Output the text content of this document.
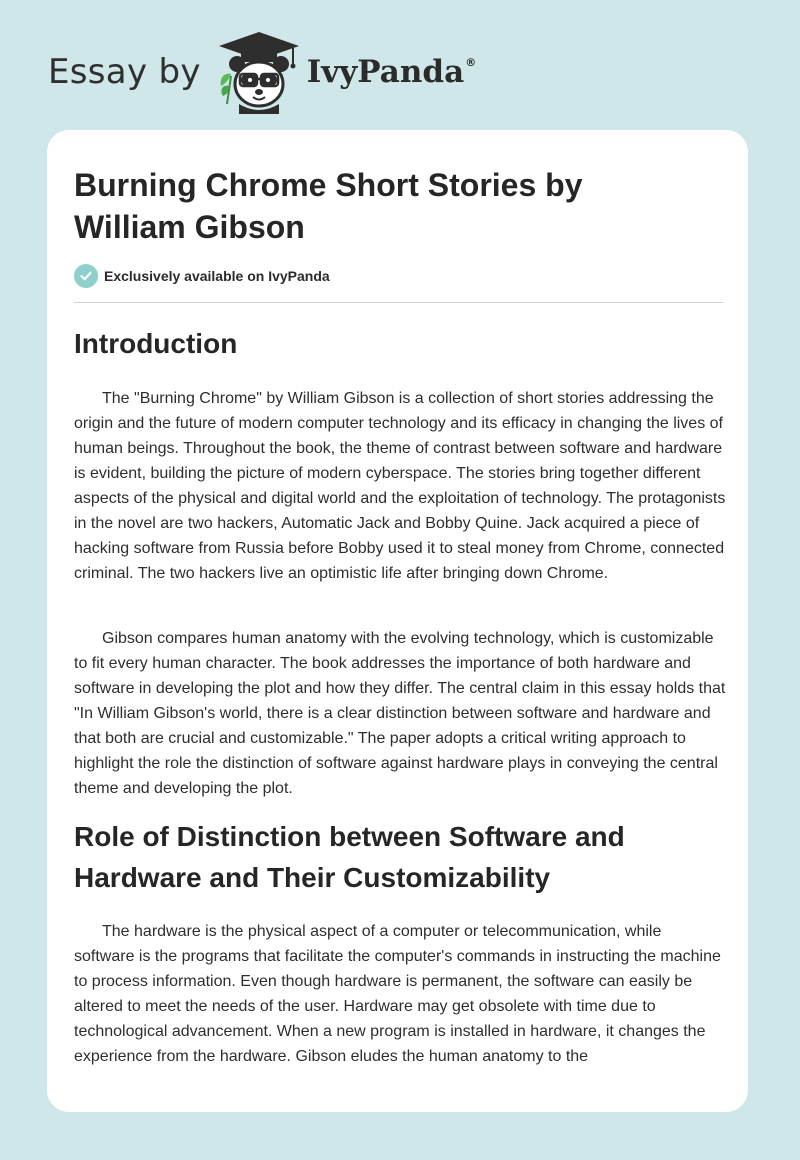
Essay by	IvyPanda®
Burning Chrome Short Stories by William Gibson
Exclusively available on IvyPanda
Introduction

The "Burning Chrome" by William Gibson is a collection of short stories addressing the origin and the future of modern computer technology and its efficacy in changing the lives of human beings. Throughout the book, the theme of contrast between software and hardware is evident, building the picture of modern cyberspace. The stories bring together different aspects of the physical and digital world and the exploitation of technology. The protagonists in the novel are two hackers, Automatic Jack and Bobby Quine. Jack acquired a piece of hacking software from Russia before Bobby used it to steal money from Chrome, connected criminal. The two hackers live an optimistic life after bringing down Chrome.

Gibson compares human anatomy with the evolving technology, which is customizable to fit every human character. The book addresses the importance of both hardware and software in developing the plot and how they differ. The central claim in this essay holds that "In William Gibson's world, there is a clear distinction between software and hardware and that both are crucial and customizable." The paper adopts a critical writing approach to highlight the role the distinction of software against hardware plays in conveying the central theme and developing the plot.

Role of Distinction between Software and Hardware and Their Customizability

The hardware is the physical aspect of a computer or telecommunication, while software is the programs that facilitate the computer's commands in instructing the machine to process information. Even though hardware is permanent, the software can easily be altered to meet the needs of the user. Hardware may get obsolete with time due to technological advancement. When a new program is installed in hardware, it changes the experience from the hardware. Gibson eludes the human anatomy to the
